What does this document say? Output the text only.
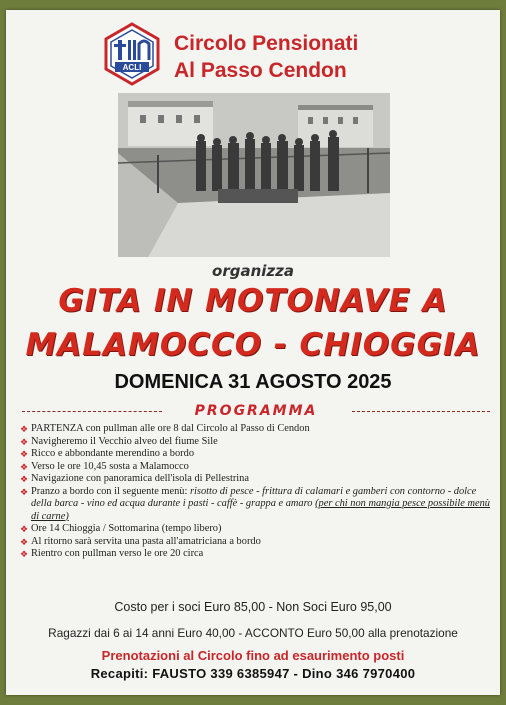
ACLI
Circolo Pensionati
Al Passo Cendon
organizza
GITA IN MOTONAVE A
MALAMOCCO - CHIOGGIA
DOMENICA 31 AGOSTO 2025
PROGRAMMA
❖ PARTENZA con pullman alle ore 8 dal Circolo al Passo di Cendon
❖ Navigheremo il Vecchio alveo del fiume Sile
❖ Ricco e abbondante merendino a bordo
❖ Verso le ore 10,45 sosta a Malamocco
❖ Navigazione con panoramica dell'isola di Pellestrina
❖ Pranzo a bordo con il seguente menù: risotto di pesce - frittura di calamari e gamberi con contorno - dolce della barca - vino ed acqua durante i pasti - caffè - grappa e amaro (per chi non mangia pesce possibile menù di carne)
❖ Ore 14 Chioggia / Sottomarina (tempo libero)
❖ Al ritorno sarà servita una pasta all'amatriciana a bordo
❖ Rientro con pullman verso le ore 20 circa
Costo per i soci Euro 85,00 - Non Soci Euro 95,00
Ragazzi dai 6 ai 14 anni Euro 40,00 - ACCONTO Euro 50,00 alla prenotazione
Prenotazioni al Circolo fino ad esaurimento posti
Recapiti: FAUSTO 339 6385947 - Dino 346 7970400
